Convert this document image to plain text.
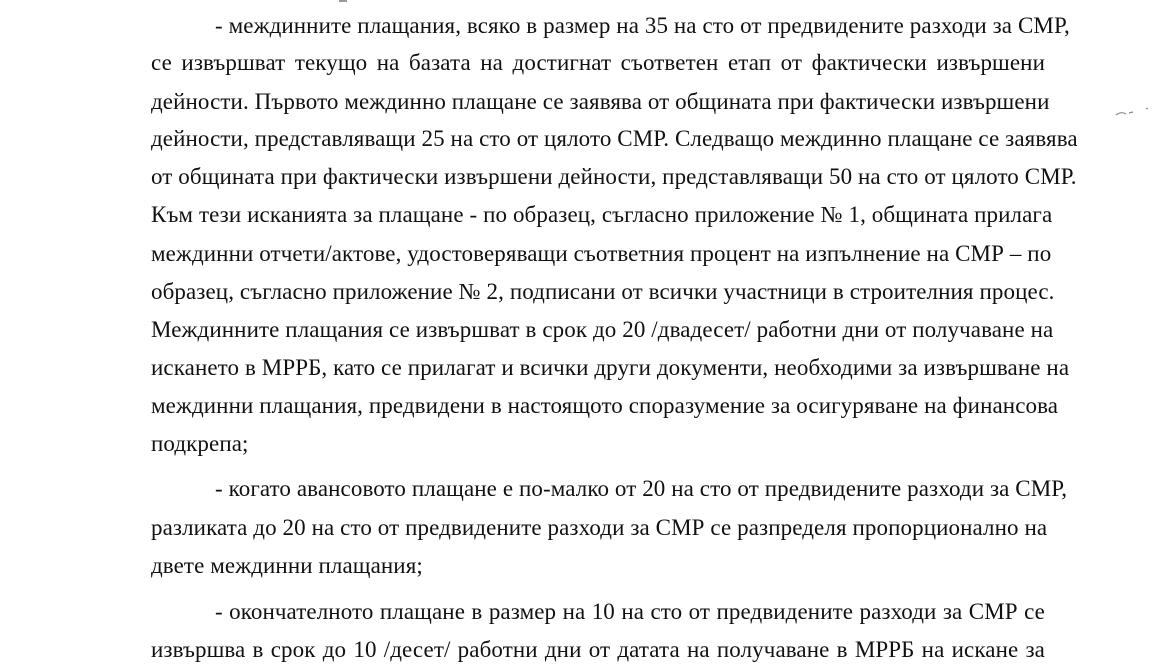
- междинните плащания, всяко в размер на 35 на сто от предвидените разходи за СМР,
се извършват текущо на базата на достигнат съответен етап от фактически извършени
дейности. Първото междинно плащане се заявява от общината при фактически извършени
дейности, представляващи 25 на сто от цялото СМР. Следващо междинно плащане се заявява
от общината при фактически извършени дейности, представляващи 50 на сто от цялото СМР.
Към тези исканията за плащане - по образец, съгласно приложение № 1, общината прилага
междинни отчети/актове, удостоверяващи съответния процент на изпълнение на СМР – по
образец, съгласно приложение № 2, подписани от всички участници в строителния процес.
Междинните плащания се извършват в срок до 20 /двадесет/ работни дни от получаване на
искането в МРРБ, като се прилагат и всички други документи, необходими за извършване на
междинни плащания, предвидени в настоящото споразумение за осигуряване на финансова
подкрепа;
- когато авансовото плащане е по-малко от 20 на сто от предвидените разходи за СМР,
разликата до 20 на сто от предвидените разходи за СМР се разпределя пропорционално на
двете междинни плащания;
- окончателното плащане в размер на 10 на сто от предвидените разходи за СМР се
извършва в срок до 10 /десет/ работни дни от датата на получаване в МРРБ на искане за
